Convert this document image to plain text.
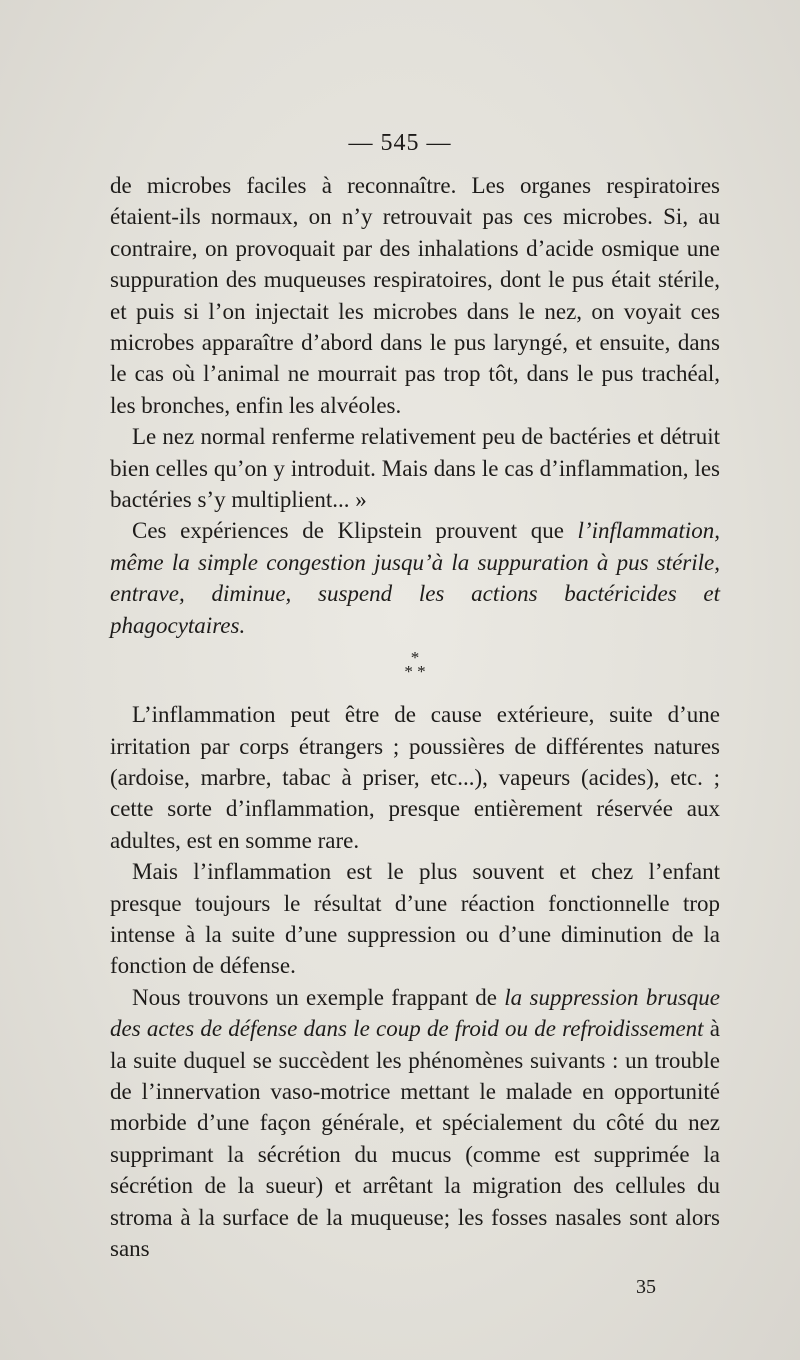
— 545 —

de microbes faciles à reconnaître. Les organes respiratoires étaient-ils normaux, on n’y retrouvait pas ces microbes. Si, au contraire, on provoquait par des inhalations d’acide osmique une suppuration des muqueuses respiratoires, dont le pus était stérile, et puis si l’on injectait les microbes dans le nez, on voyait ces microbes apparaître d’abord dans le pus laryngé, et ensuite, dans le cas où l’animal ne mourrait pas trop tôt, dans le pus trachéal, les bronches, enfin les alvéoles.

Le nez normal renferme relativement peu de bactéries et détruit bien celles qu’on y introduit. Mais dans le cas d’inflammation, les bactéries s’y multiplient... »

Ces expériences de Klipstein prouvent que l’inflammation, même la simple congestion jusqu’à la suppuration à pus stérile, entrave, diminue, suspend les actions bactéricides et phagocytaires.

*
* *

L’inflammation peut être de cause extérieure, suite d’une irritation par corps étrangers ; poussières de différentes natures (ardoise, marbre, tabac à priser, etc...), vapeurs (acides), etc. ; cette sorte d’inflammation, presque entièrement réservée aux adultes, est en somme rare.

Mais l’inflammation est le plus souvent et chez l’enfant presque toujours le résultat d’une réaction fonctionnelle trop intense à la suite d’une suppression ou d’une diminution de la fonction de défense.

Nous trouvons un exemple frappant de la suppression brusque des actes de défense dans le coup de froid ou de refroidissement à la suite duquel se succèdent les phénomènes suivants : un trouble de l’innervation vaso-motrice mettant le malade en opportunité morbide d’une façon générale, et spécialement du côté du nez supprimant la sécrétion du mucus (comme est supprimée la sécrétion de la sueur) et arrêtant la migration des cellules du stroma à la surface de la muqueuse; les fosses nasales sont alors sans

35
